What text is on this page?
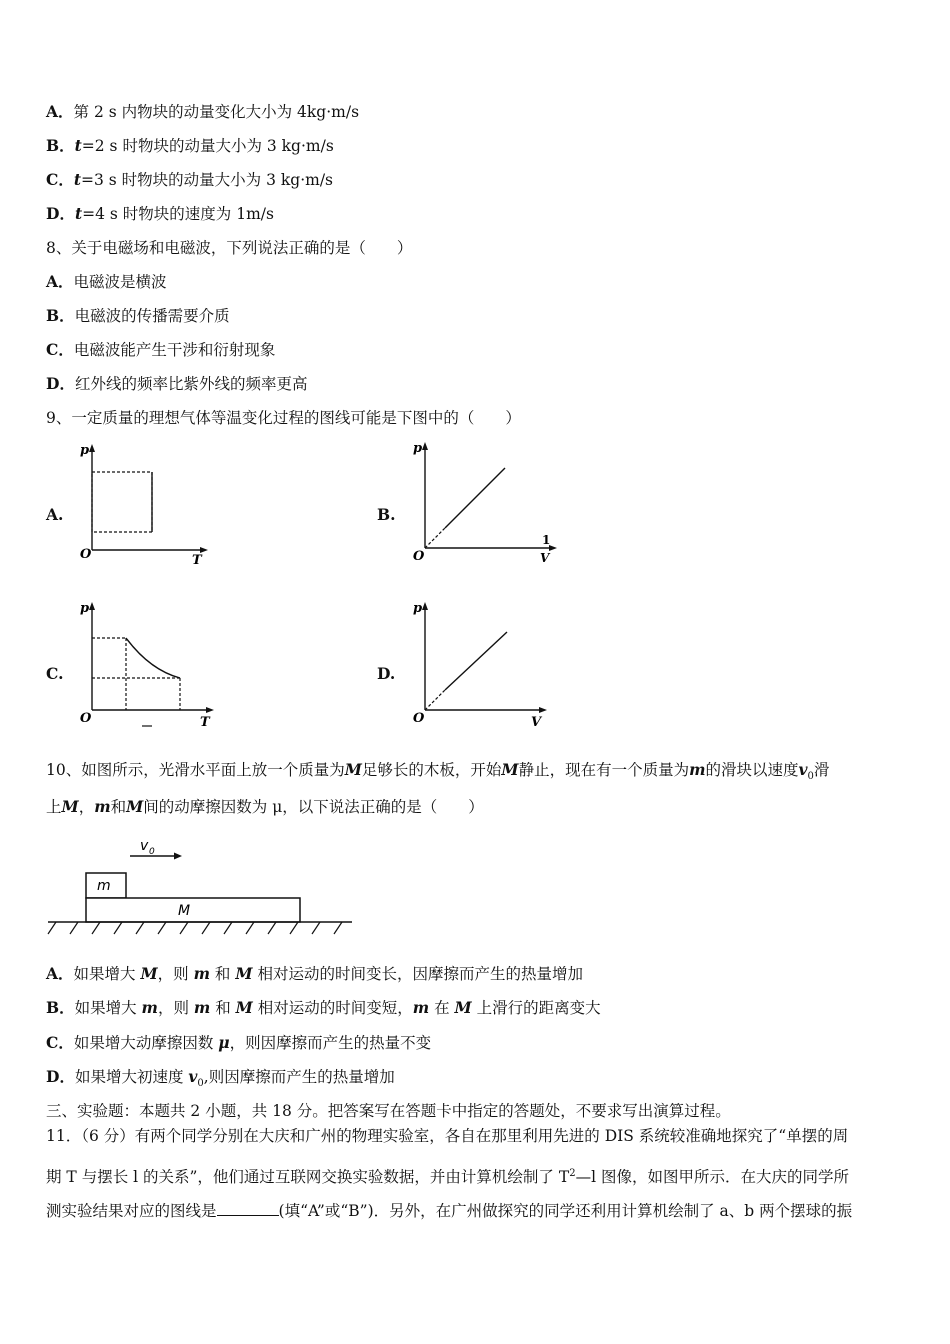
A．第 2 s 内物块的动量变化大小为 4kg·m/s
B．t=2 s 时物块的动量大小为 3 kg·m/s
C．t=3 s 时物块的动量大小为 3 kg·m/s
D．t=4 s 时物块的速度为 1m/s
8、关于电磁场和电磁波，下列说法正确的是（　　）
A．电磁波是横波
B．电磁波的传播需要介质
C．电磁波能产生干涉和衍射现象
D．红外线的频率比紫外线的频率更高
9、一定质量的理想气体等温变化过程的图线可能是下图中的（　　）
A.
p
O	T
B.
p
O
1
V
C.
p
O	T
D.
p
O	V
10、如图所示，光滑水平面上放一个质量为M足够长的木板，开始M静止，现在有一个质量为m的滑块以速度$v_0$滑
上M，m和M间的动摩擦因数为 μ，以下说法正确的是（　　）
v 0
m
M
A．如果增大 M，则 m 和 M 相对运动的时间变长，因摩擦而产生的热量增加
B．如果增大 m，则 m 和 M 相对运动的时间变短，m 在 M 上滑行的距离变大
C．如果增大动摩擦因数 μ，则因摩擦而产生的热量不变
D．如果增大初速度 $v_0$,则因摩擦而产生的热量增加
三、实验题：本题共 2 小题，共 18 分。把答案写在答题卡中指定的答题处，不要求写出演算过程。
11．（6 分）有两个同学分别在大庆和广州的物理实验室，各自在那里利用先进的 DIS 系统较准确地探究了“单摆的周
期 T 与摆长 l 的关系”，他们通过互联网交换实验数据，并由计算机绘制了 $T^2—l$ 图像，如图甲所示．在大庆的同学所
测实验结果对应的图线是	(填“A”或“B”)．另外，在广州做探究的同学还利用计算机绘制了 a、b 两个摆球的振
